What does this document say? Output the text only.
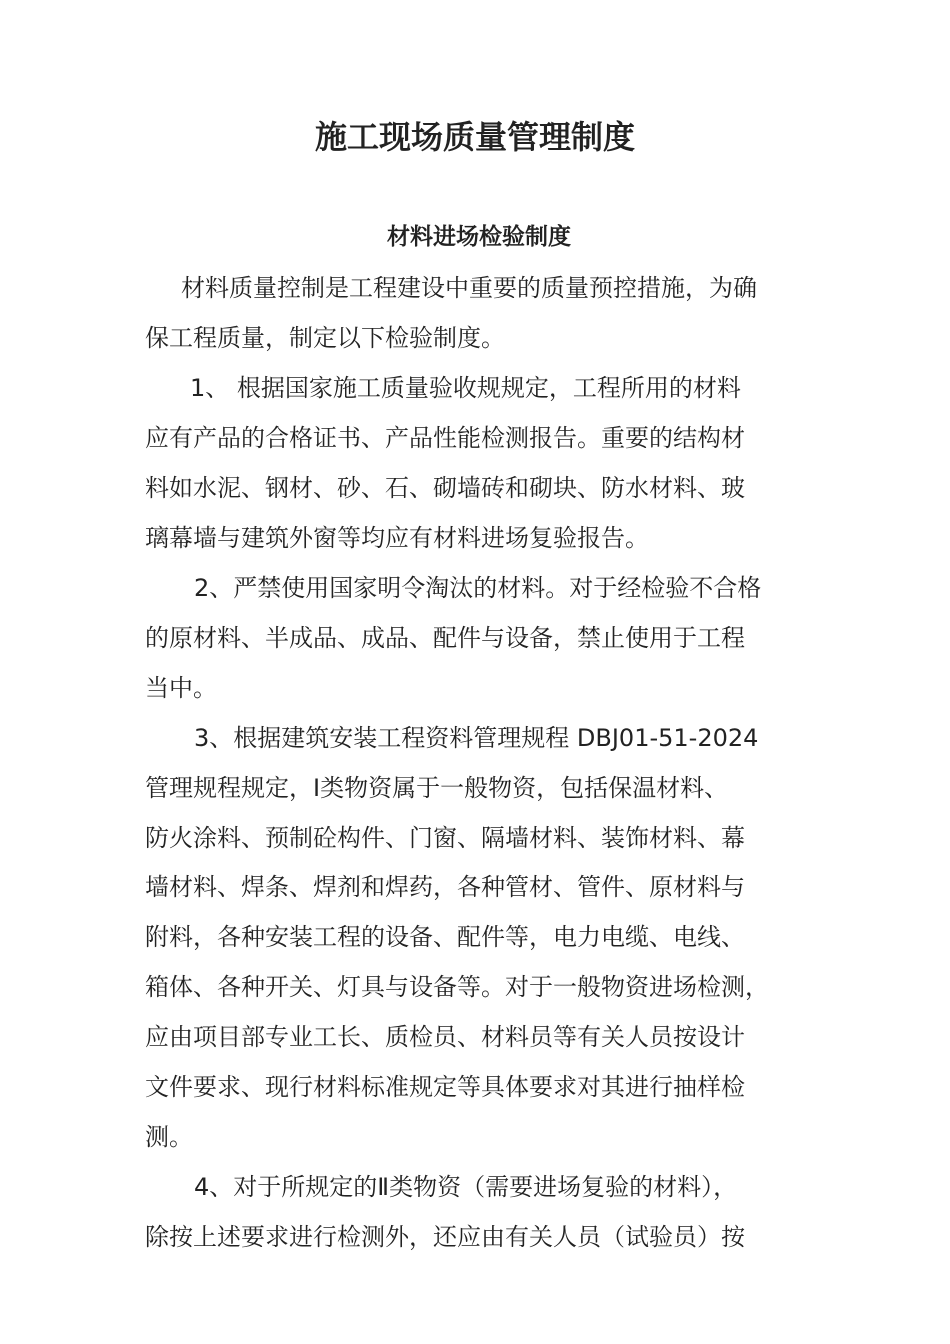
施工现场质量管理制度
材料进场检验制度
材料质量控制是工程建设中重要的质量预控措施，为确
保工程质量，制定以下检验制度。
1、 根据国家施工质量验收规规定，工程所用的材料
应有产品的合格证书、产品性能检测报告。重要的结构材
料如水泥、钢材、砂、石、砌墙砖和砌块、防水材料、玻
璃幕墙与建筑外窗等均应有材料进场复验报告。
2、严禁使用国家明令淘汰的材料。对于经检验不合格
的原材料、半成品、成品、配件与设备，禁止使用于工程
当中。
3、根据建筑安装工程资料管理规程 DBJ01-51-2024
管理规程规定，Ⅰ类物资属于一般物资，包括保温材料、
防火涂料、预制砼构件、门窗、隔墙材料、装饰材料、幕
墙材料、焊条、焊剂和焊药，各种管材、管件、原材料与
附料，各种安装工程的设备、配件等，电力电缆、电线、
箱体、各种开关、灯具与设备等。对于一般物资进场检测，
应由项目部专业工长、质检员、材料员等有关人员按设计
文件要求、现行材料标准规定等具体要求对其进行抽样检
测。
4、对于所规定的Ⅱ类物资（需要进场复验的材料），
除按上述要求进行检测外，还应由有关人员（试验员）按
